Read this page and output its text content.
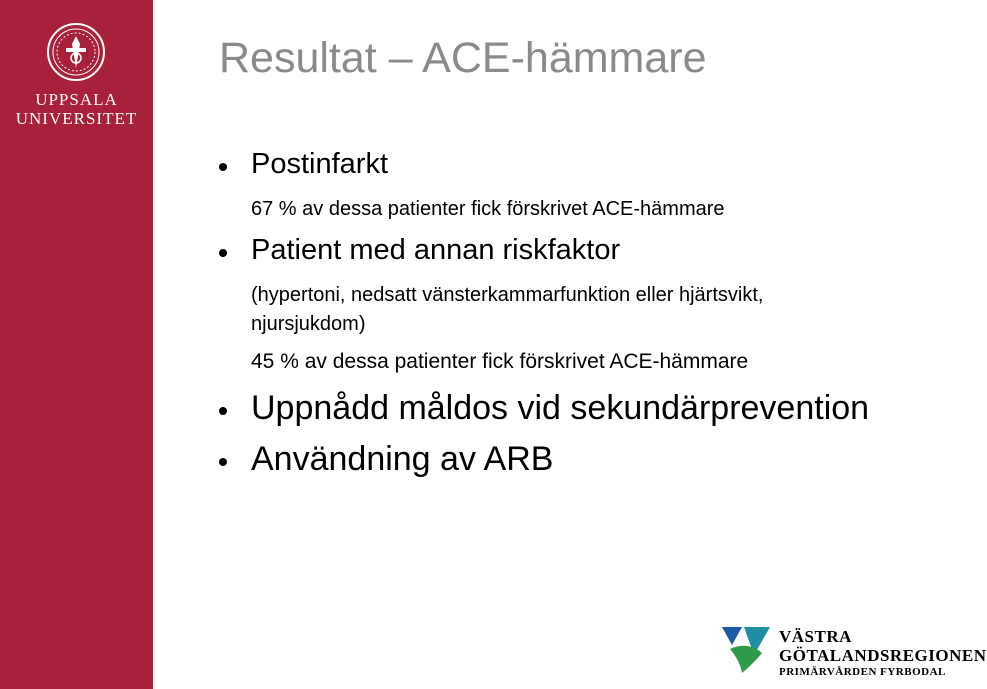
UPPSALA
UNIVERSITET
Resultat – ACE-hämmare
Postinfarkt
67 % av dessa patienter fick förskrivet ACE-hämmare
Patient med annan riskfaktor
(hypertoni, nedsatt vänsterkammarfunktion eller hjärtsvikt,
njursjukdom)
45 % av dessa patienter fick förskrivet ACE-hämmare
Uppnådd måldos vid sekundärprevention
Användning av ARB
VÄSTRA
GÖTALANDSREGIONEN
PRIMÄRVÅRDEN FYRBODAL
